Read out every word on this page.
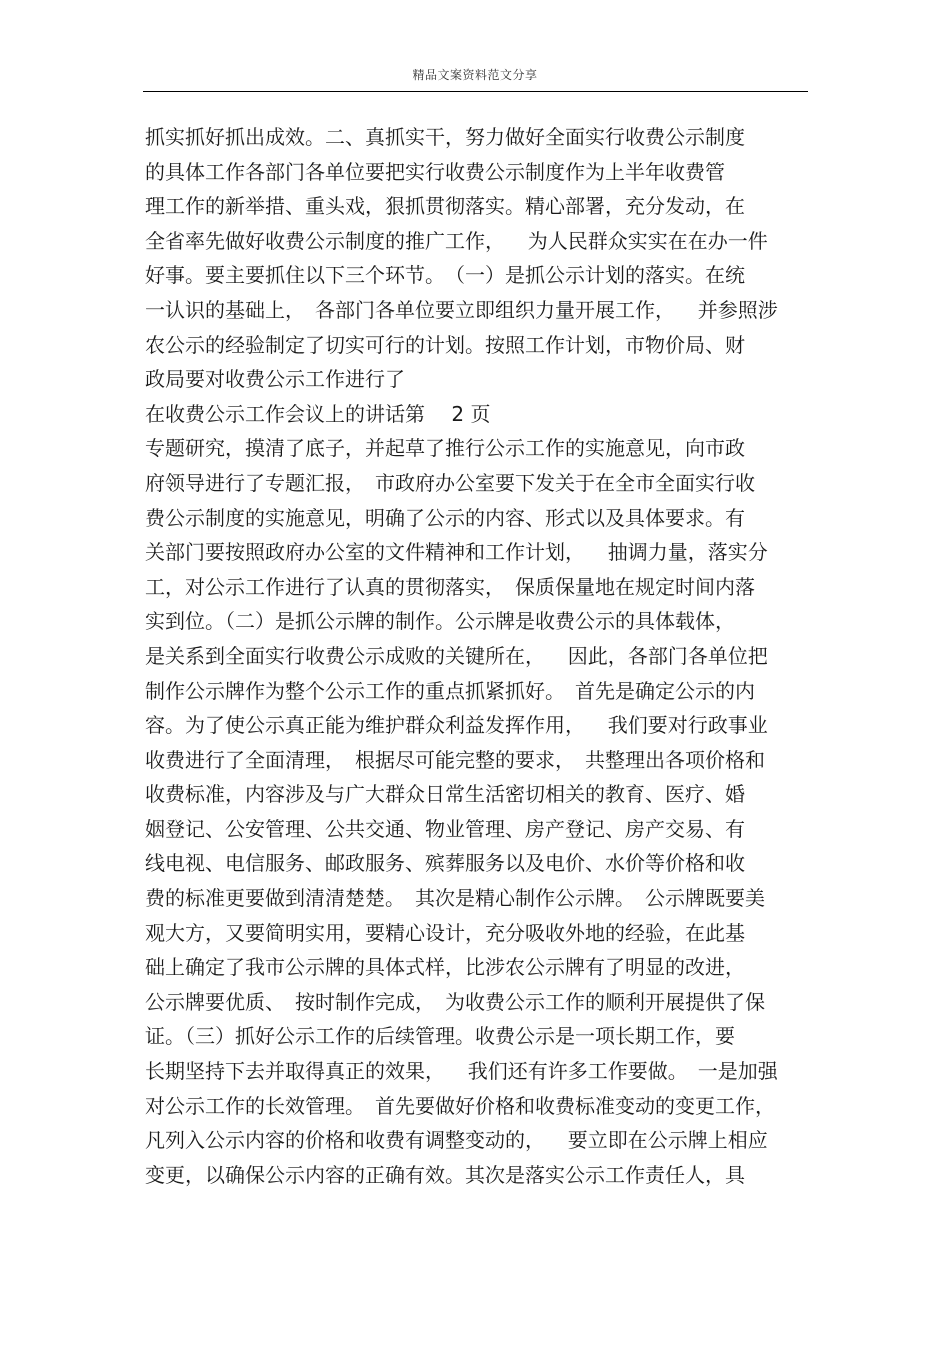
精品文案资料范文分享
抓实抓好抓出成效。二、真抓实干，努力做好全面实行收费公示制度
的具体工作各部门各单位要把实行收费公示制度作为上半年收费管
理工作的新举措、重头戏，狠抓贯彻落实。精心部署，充分发动，在
全省率先做好收费公示制度的推广工作，　  为人民群众实实在在办一件
好事。要主要抓住以下三个环节。　（一）是抓公示计划的落实。在统
一认识的基础上，　各部门各单位要立即组织力量开展工作，　  并参照涉
农公示的经验制定了切实可行的计划。按照工作计划，市物价局、财
政局要对收费公示工作进行了
在收费公示工作会议上的讲话第　 2 页
专题研究，摸清了底子，并起草了推行公示工作的实施意见，向市政
府领导进行了专题汇报，　市政府办公室要下发关于在全市全面实行收
费公示制度的实施意见，明确了公示的内容、形式以及具体要求。有
关部门要按照政府办公室的文件精神和工作计划，　  抽调力量，落实分
工，对公示工作进行了认真的贯彻落实，　保质保量地在规定时间内落
实到位。（二）是抓公示牌的制作。公示牌是收费公示的具体载体，
是关系到全面实行收费公示成败的关键所在，　  因此，各部门各单位把
制作公示牌作为整个公示工作的重点抓紧抓好。　首先是确定公示的内
容。为了使公示真正能为维护群众利益发挥作用，　  我们要对行政事业
收费进行了全面清理，　根据尽可能完整的要求，　共整理出各项价格和
收费标准，内容涉及与广大群众日常生活密切相关的教育、医疗、婚
姻登记、公安管理、公共交通、物业管理、房产登记、房产交易、有
线电视、电信服务、邮政服务、殡葬服务以及电价、水价等价格和收
费的标准更要做到清清楚楚。　其次是精心制作公示牌。　公示牌既要美
观大方，又要简明实用，要精心设计，充分吸收外地的经验，在此基
础上确定了我市公示牌的具体式样，比涉农公示牌有了明显的改进，
公示牌要优质、　按时制作完成，　为收费公示工作的顺利开展提供了保
证。（三）抓好公示工作的后续管理。收费公示是一项长期工作，要
长期坚持下去并取得真正的效果，　  我们还有许多工作要做。　一是加强
对公示工作的长效管理。　首先要做好价格和收费标准变动的变更工作，
凡列入公示内容的价格和收费有调整变动的，　  要立即在公示牌上相应
变更，以确保公示内容的正确有效。其次是落实公示工作责任人，具
